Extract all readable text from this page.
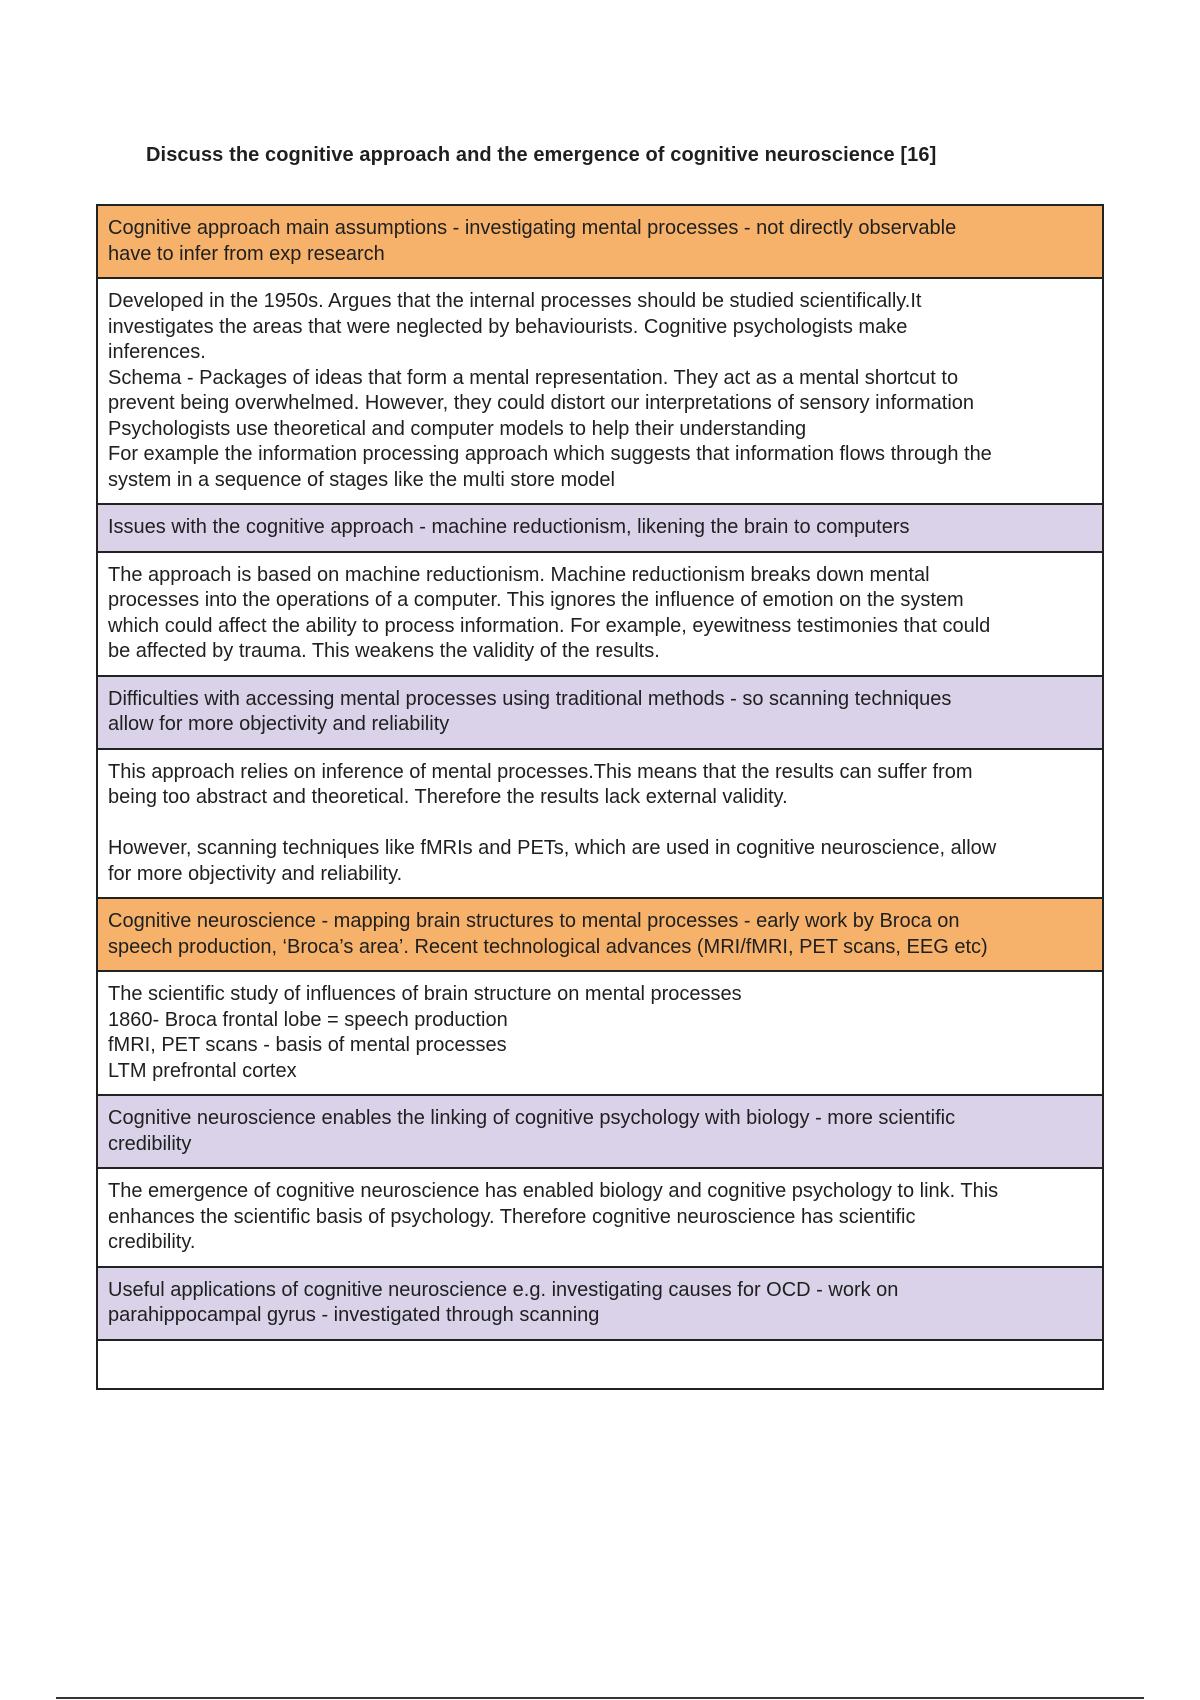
Discuss the cognitive approach and the emergence of cognitive neuroscience [16]
Cognitive approach main assumptions - investigating mental processes - not directly observable
have to infer from exp research
Developed in the 1950s. Argues that the internal processes should be studied scientifically.It
investigates the areas that were neglected by behaviourists. Cognitive psychologists make
inferences.
Schema - Packages of ideas that form a mental representation. They act as a mental shortcut to
prevent being overwhelmed. However, they could distort our interpretations of sensory information
Psychologists use theoretical and computer models to help their understanding
For example the information processing approach which suggests that information flows through the
system in a sequence of stages like the multi store model
Issues with the cognitive approach - machine reductionism, likening the brain to computers
The approach is based on machine reductionism. Machine reductionism breaks down mental
processes into the operations of a computer. This ignores the influence of emotion on the system
which could affect the ability to process information. For example, eyewitness testimonies that could
be affected by trauma. This weakens the validity of the results.
Difficulties with accessing mental processes using traditional methods - so scanning techniques
allow for more objectivity and reliability
This approach relies on inference of mental processes.This means that the results can suffer from
being too abstract and theoretical. Therefore the results lack external validity.

However, scanning techniques like fMRIs and PETs, which are used in cognitive neuroscience, allow
for more objectivity and reliability.
Cognitive neuroscience - mapping brain structures to mental processes - early work by Broca on
speech production, ‘Broca’s area’. Recent technological advances (MRI/fMRI, PET scans, EEG etc)
The scientific study of influences of brain structure on mental processes
1860- Broca frontal lobe = speech production
fMRI, PET scans - basis of mental processes
LTM prefrontal cortex
Cognitive neuroscience enables the linking of cognitive psychology with biology - more scientific
credibility
The emergence of cognitive neuroscience has enabled biology and cognitive psychology to link. This
enhances the scientific basis of psychology. Therefore cognitive neuroscience has scientific
credibility.
Useful applications of cognitive neuroscience e.g. investigating causes for OCD - work on
parahippocampal gyrus - investigated through scanning
